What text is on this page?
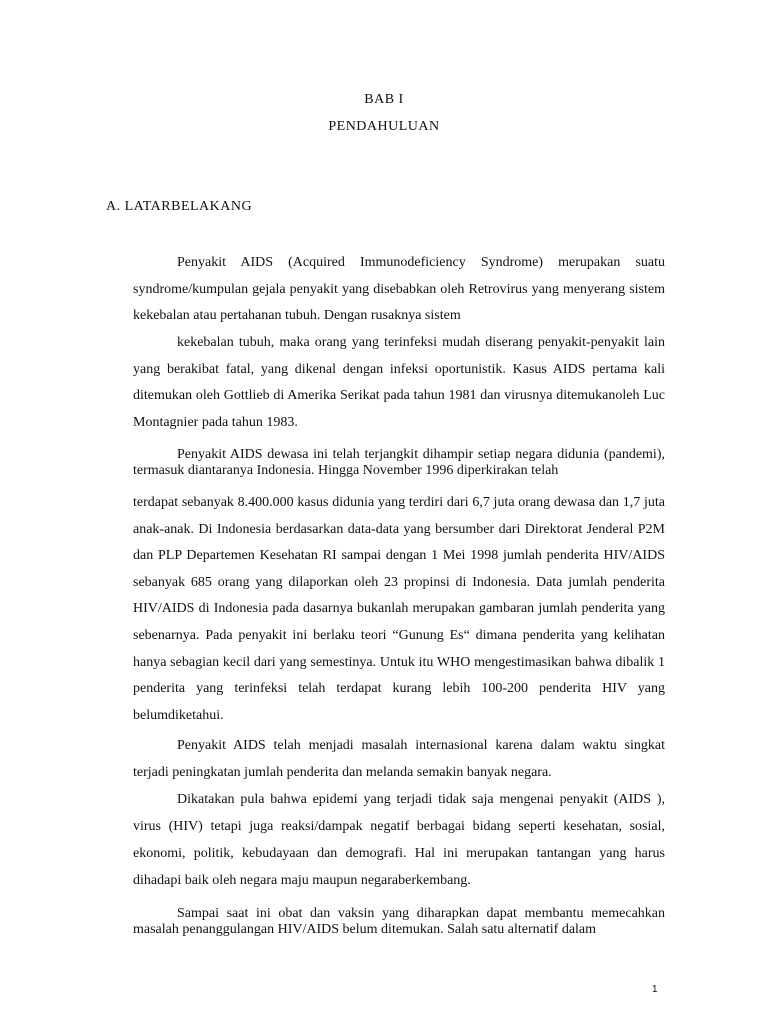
BAB I
PENDAHULUAN
A. LATARBELAKANG

Penyakit AIDS (Acquired Immunodeficiency Syndrome) merupakan suatu syndrome/kumpulan gejala penyakit yang disebabkan oleh Retrovirus yang menyerang sistem kekebalan atau pertahanan tubuh. Dengan rusaknya sistem

kekebalan tubuh, maka orang yang terinfeksi mudah diserang penyakit-penyakit lain yang berakibat fatal, yang dikenal dengan infeksi oportunistik. Kasus AIDS pertama kali ditemukan oleh Gottlieb di Amerika Serikat pada tahun 1981 dan virusnya ditemukanoleh Luc Montagnier pada tahun 1983.

Penyakit AIDS dewasa ini telah terjangkit dihampir setiap negara didunia (pandemi), termasuk diantaranya Indonesia. Hingga November 1996 diperkirakan telah

terdapat sebanyak 8.400.000 kasus didunia yang terdiri dari 6,7 juta orang dewasa dan 1,7 juta anak-anak. Di Indonesia berdasarkan data-data yang bersumber dari Direktorat Jenderal P2M dan PLP Departemen Kesehatan RI sampai dengan 1 Mei 1998 jumlah penderita HIV/AIDS sebanyak 685 orang yang dilaporkan oleh 23 propinsi di Indonesia. Data jumlah penderita HIV/AIDS di Indonesia pada dasarnya bukanlah merupakan gambaran jumlah penderita yang sebenarnya. Pada penyakit ini berlaku teori “Gunung Es“ dimana penderita yang kelihatan hanya sebagian kecil dari yang semestinya. Untuk itu WHO mengestimasikan bahwa dibalik 1 penderita yang terinfeksi telah terdapat kurang lebih 100-200 penderita HIV yang belumdiketahui.

Penyakit AIDS telah menjadi masalah internasional karena dalam waktu singkat terjadi peningkatan jumlah penderita dan melanda semakin banyak negara.

Dikatakan pula bahwa epidemi yang terjadi tidak saja mengenai penyakit (AIDS ), virus (HIV) tetapi juga reaksi/dampak negatif berbagai bidang seperti kesehatan, sosial, ekonomi, politik, kebudayaan dan demografi. Hal ini merupakan tantangan yang harus dihadapi baik oleh negara maju maupun negaraberkembang.

Sampai saat ini obat dan vaksin yang diharapkan dapat membantu memecahkan masalah penanggulangan HIV/AIDS belum ditemukan. Salah satu alternatif dalam

1
